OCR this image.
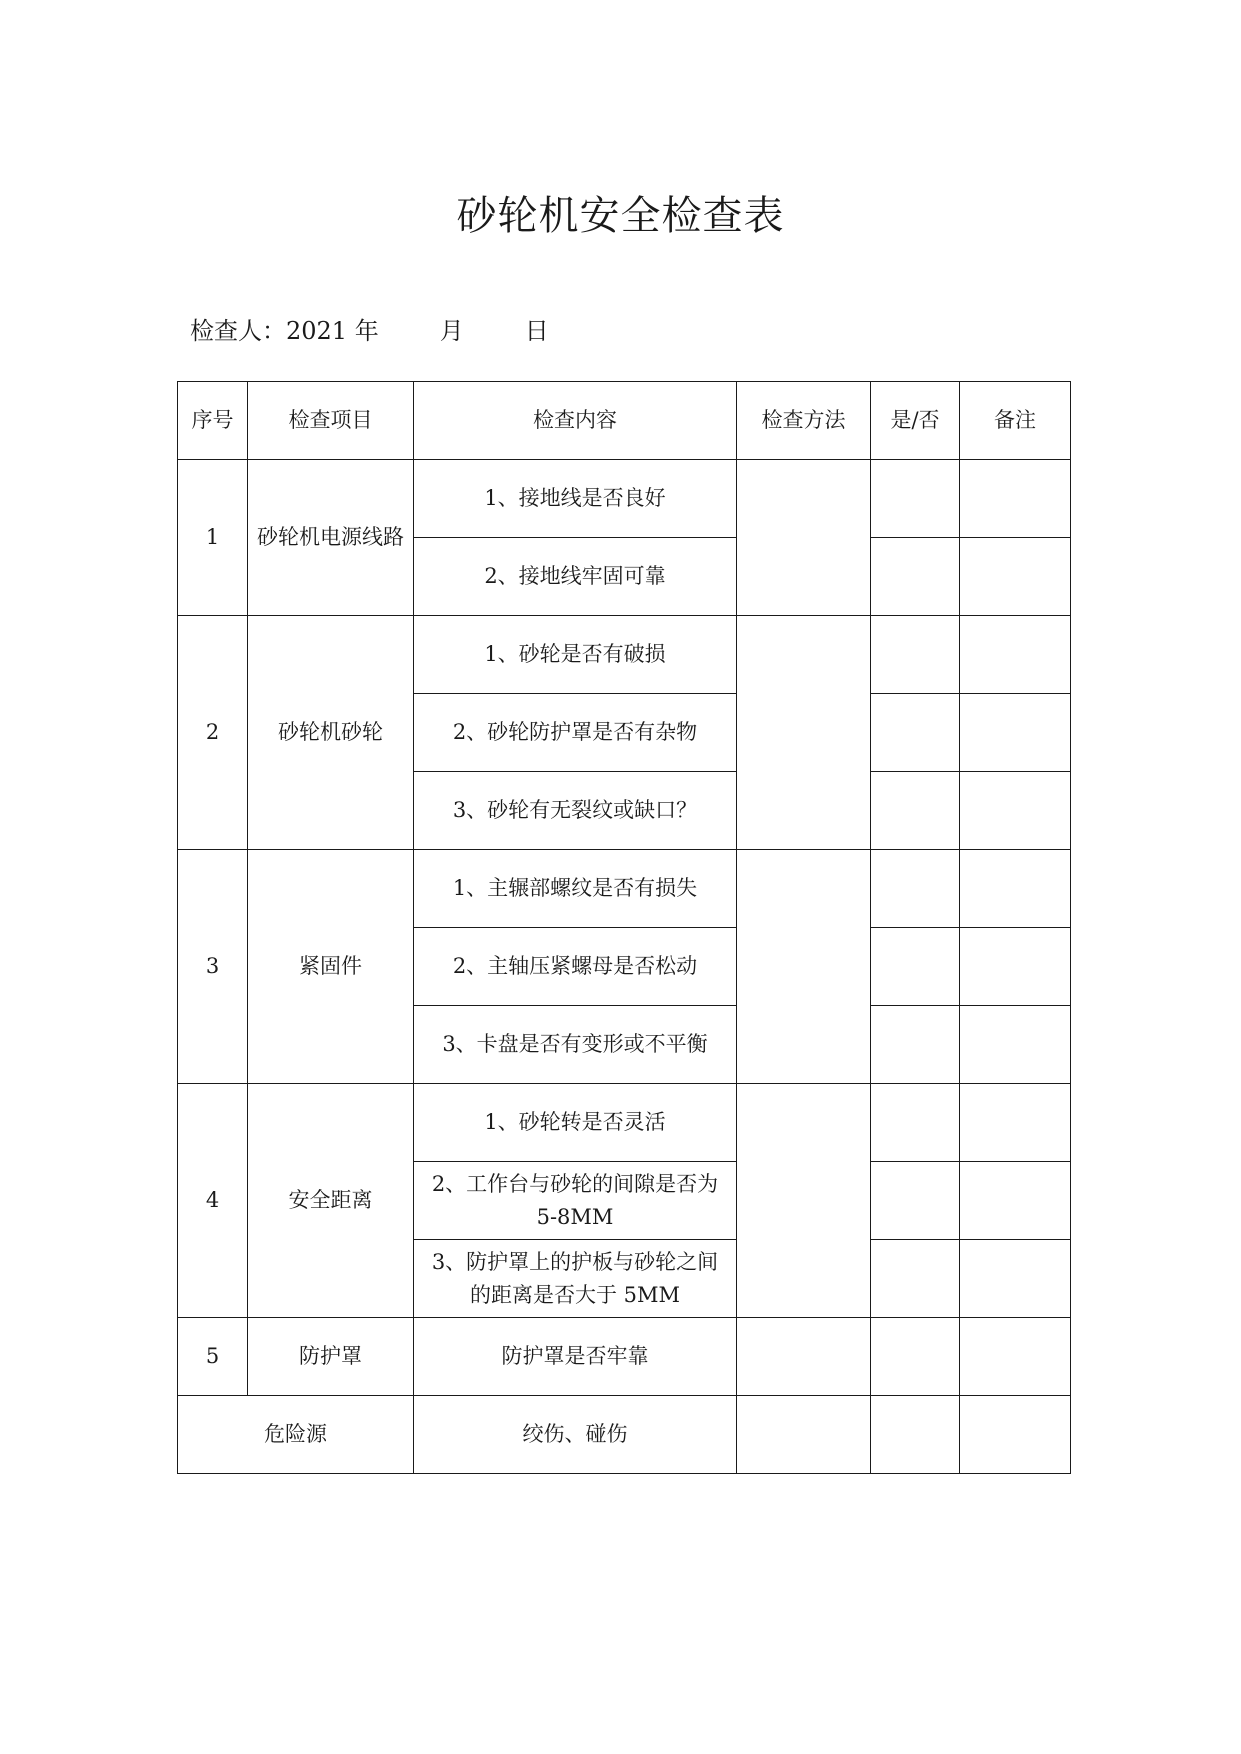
砂轮机安全检查表
检查人：2021 年	月	日
序号	检查项目	检查内容	检查方法	是/否	备注
1	砂轮机电源线路	1、接地线是否良好			
		2、接地线牢固可靠			
2	砂轮机砂轮	1、砂轮是否有破损			
		2、砂轮防护罩是否有杂物			
		3、砂轮有无裂纹或缺口？			
3	紧固件	1、主辗部螺纹是否有损失			
		2、主轴压紧螺母是否松动			
		3、卡盘是否有变形或不平衡			
4	安全距离	1、砂轮转是否灵活			
		2、工作台与砂轮的间隙是否为5-8MM			
		3、防护罩上的护板与砂轮之间的距离是否大于 5MM			
5	防护罩	防护罩是否牢靠			
危险源		绞伤、碰伤			
